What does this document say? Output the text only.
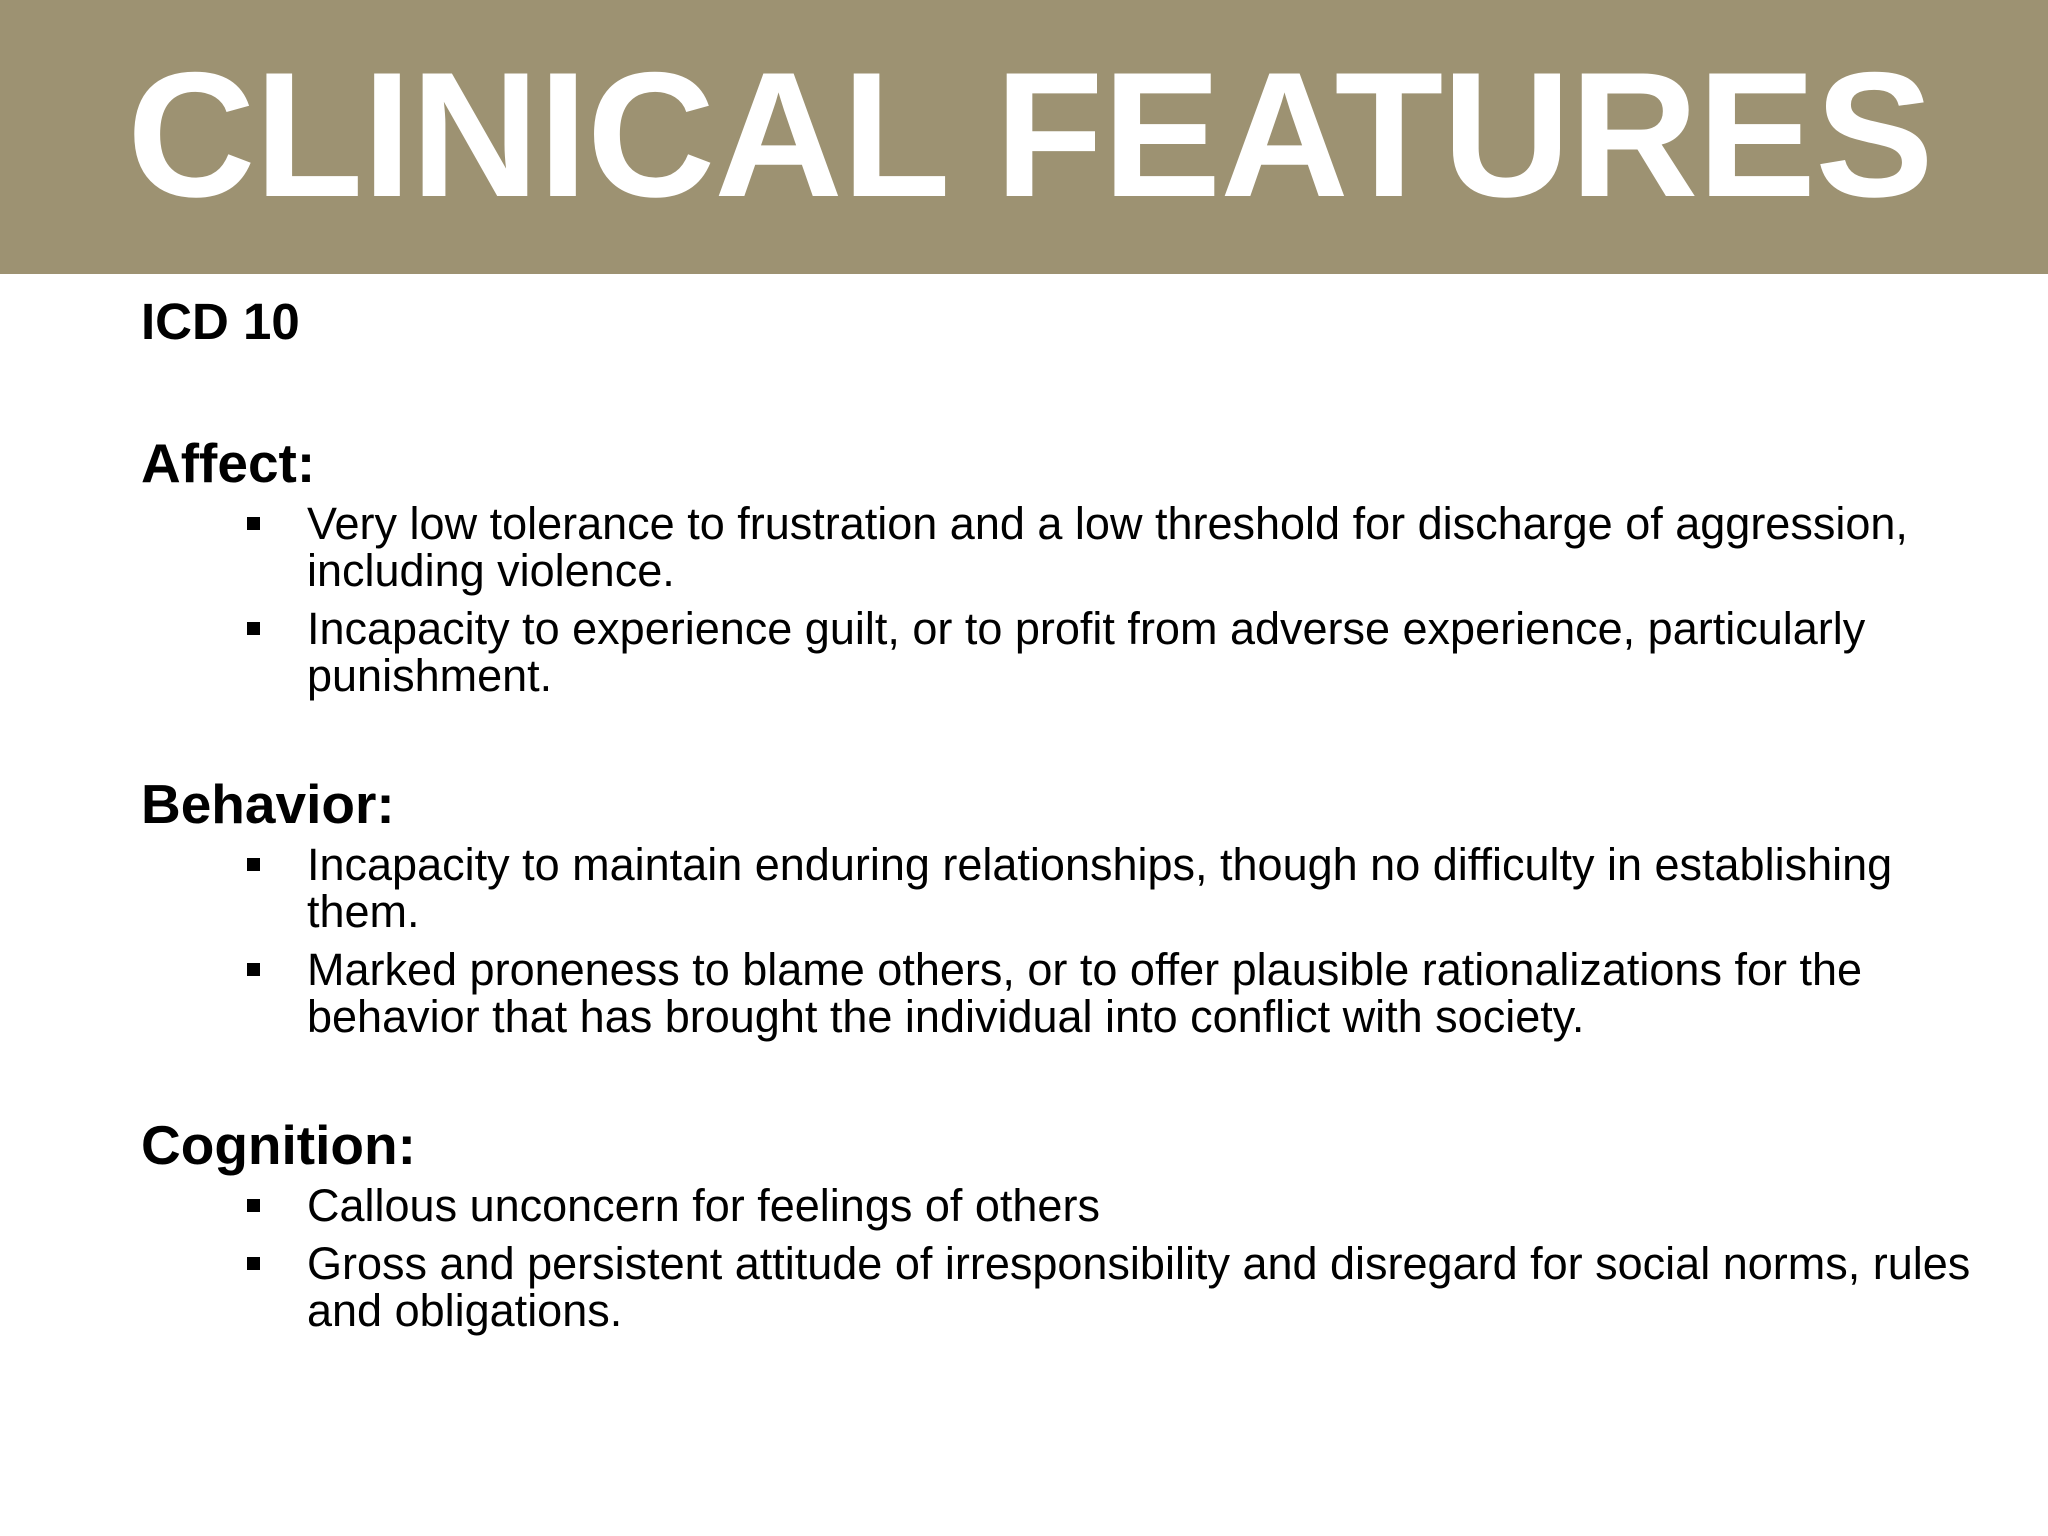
CLINICAL FEATURES

ICD 10

Affect:
Very low tolerance to frustration and a low threshold for discharge of aggression, including violence.
Incapacity to experience guilt, or to profit from adverse experience, particularly punishment.
Behavior:
Incapacity to maintain enduring relationships, though no difficulty in establishing them.
Marked proneness to blame others, or to offer plausible rationalizations for the behavior that has brought the individual into conflict with society.
Cognition:
Callous unconcern for feelings of others
Gross and persistent attitude of irresponsibility and disregard for social norms, rules and obligations.
